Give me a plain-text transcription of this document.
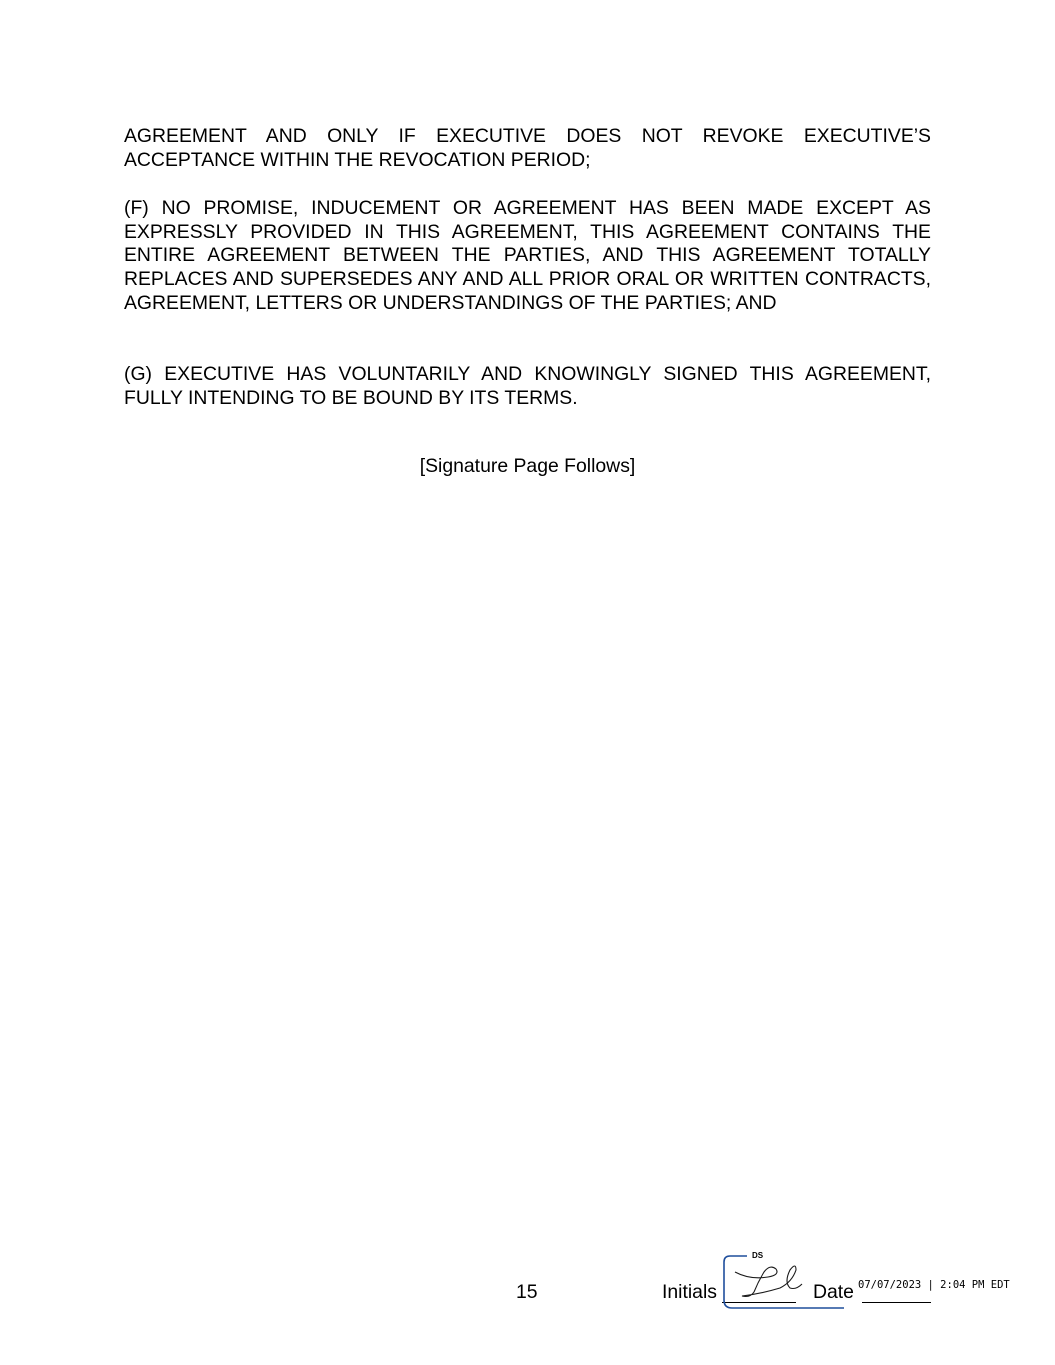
AGREEMENT AND ONLY IF EXECUTIVE DOES NOT REVOKE EXECUTIVE’S ACCEPTANCE WITHIN THE REVOCATION PERIOD;

(F) NO PROMISE, INDUCEMENT OR AGREEMENT HAS BEEN MADE EXCEPT AS EXPRESSLY PROVIDED IN THIS AGREEMENT, THIS AGREEMENT CONTAINS THE ENTIRE AGREEMENT BETWEEN THE PARTIES, AND THIS AGREEMENT TOTALLY REPLACES AND SUPERSEDES ANY AND ALL PRIOR ORAL OR WRITTEN CONTRACTS, AGREEMENT, LETTERS OR UNDERSTANDINGS OF THE PARTIES; AND

(G) EXECUTIVE HAS VOLUNTARILY AND KNOWINGLY SIGNED THIS AGREEMENT, FULLY INTENDING TO BE BOUND BY ITS TERMS.

[Signature Page Follows]
15	Initials
DS
Date 07/07/2023 | 2:04 PM EDT
